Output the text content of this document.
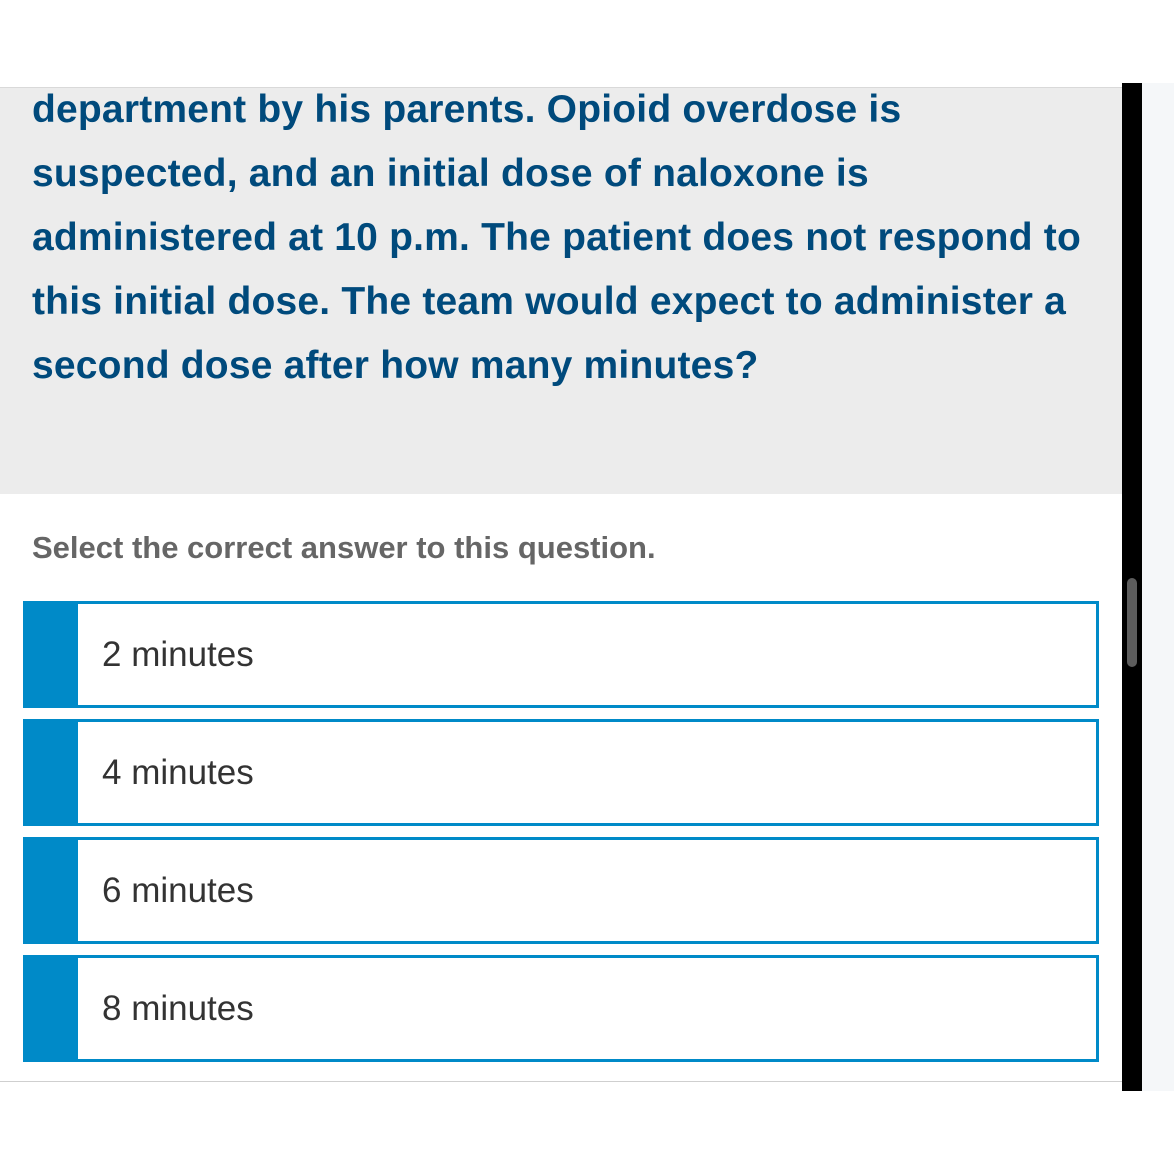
department by his parents. Opioid overdose is suspected, and an initial dose of naloxone is administered at 10 p.m. The patient does not respond to this initial dose. The team would expect to administer a second dose after how many minutes?

Select the correct answer to this question.

2 minutes
4 minutes
6 minutes
8 minutes
